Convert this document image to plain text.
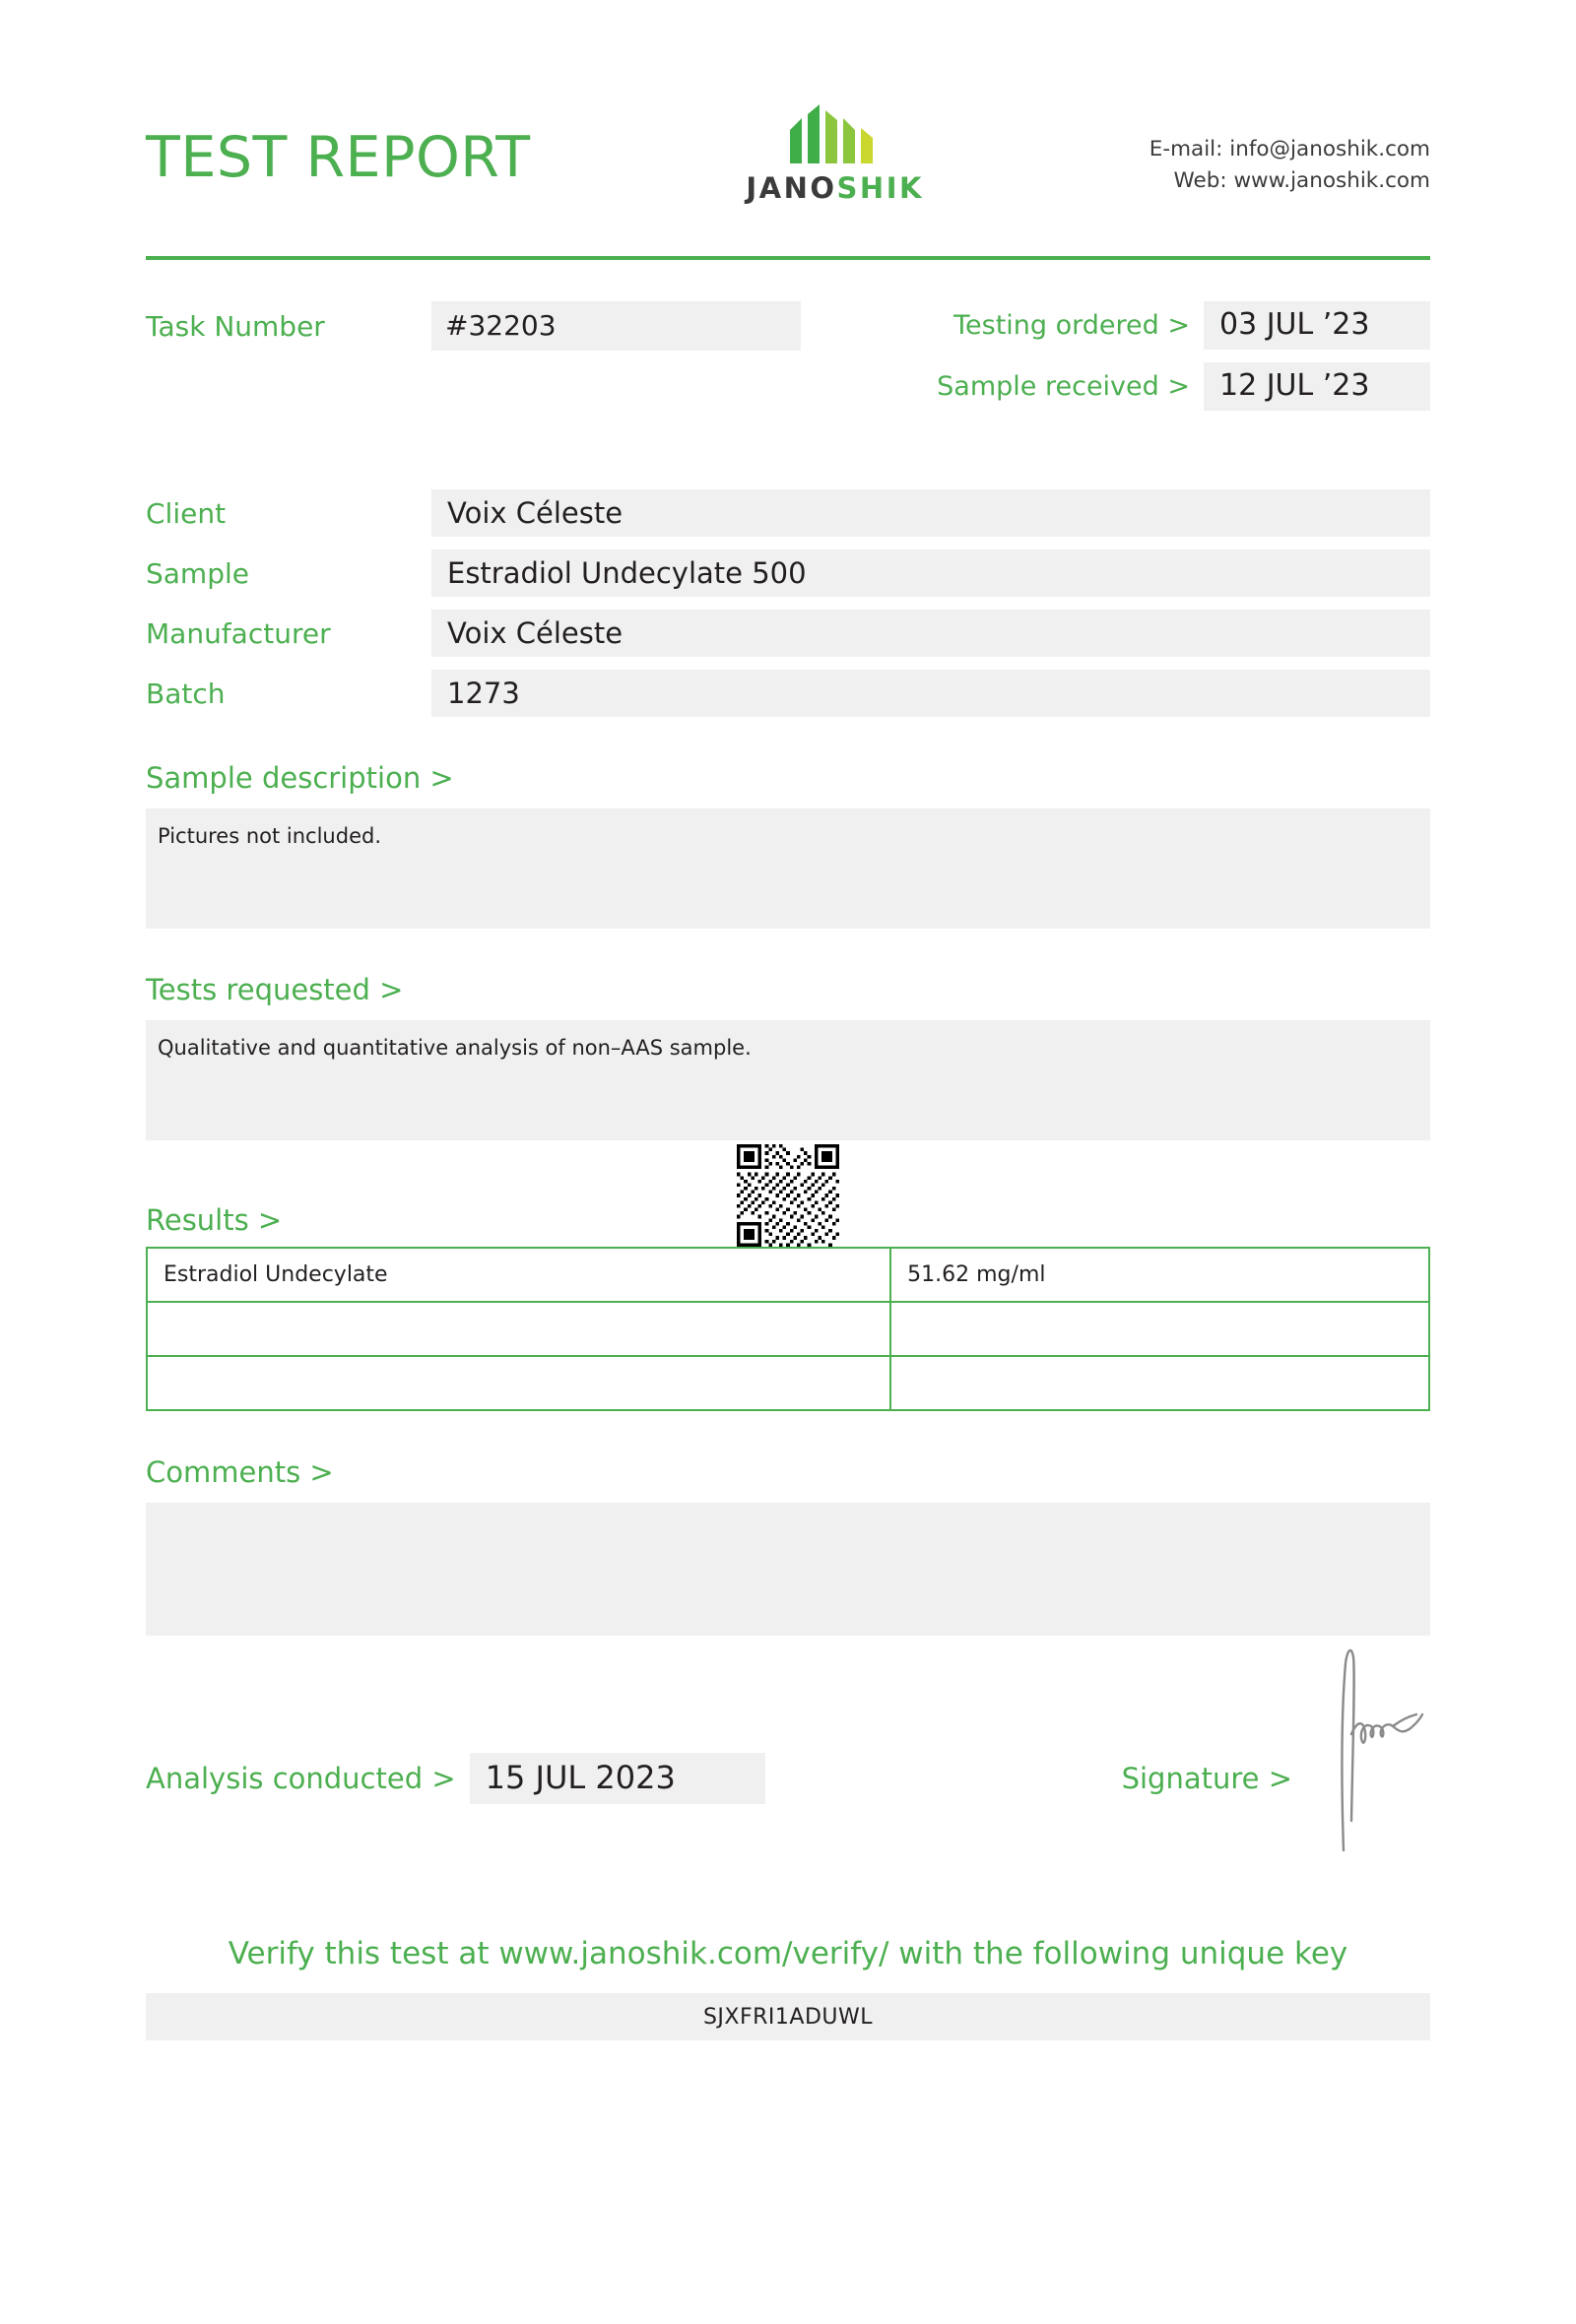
TEST REPORT	JANOSHIK
E-mail: info@janoshik.com
Web: www.janoshik.com
Task Number	#32203	Testing ordered >	03 JUL ’23
Sample received >	12 JUL ’23
Client	Voix Céleste
Sample	Estradiol Undecylate 500
Manufacturer	Voix Céleste
Batch	1273
Sample description >
Pictures not included.
Tests requested >
Qualitative and quantitative analysis of non–AAS sample.
Results >
Estradiol Undecylate	51.62 mg/ml

Comments >
Analysis conducted > 15 JUL 2023	Signature >
Verify this test at www.janoshik.com/verify/ with the following unique key
SJXFRI1ADUWL
